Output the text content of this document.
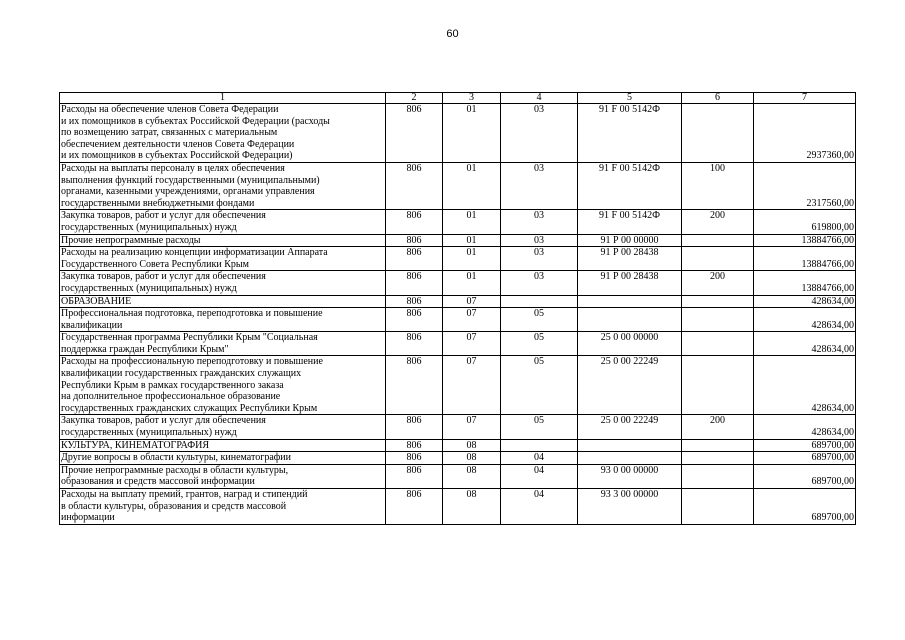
60
1	2	3	4	5	6	7
Расходы на обеспечение членов Совета Федерации
и их помощников в субъектах Российской Федерации (расходы
по возмещению затрат, связанных с материальным
обеспечением деятельности членов Совета Федерации
и их помощников в субъектах Российской Федерации)	806	01	03	91 F 00 5142Ф		2937360,00
Расходы на выплаты персоналу в целях обеспечения
выполнения функций государственными (муниципальными)
органами, казенными учреждениями, органами управления
государственными внебюджетными фондами	806	01	03	91 F 00 5142Ф	100	2317560,00
Закупка товаров, работ и услуг для обеспечения
государственных (муниципальных) нужд	806	01	03	91 F 00 5142Ф	200	619800,00
Прочие непрограммные расходы	806	01	03	91 Р 00 00000		13884766,00
Расходы на реализацию концепции информатизации Аппарата
Государственного Совета Республики Крым	806	01	03	91 Р 00 28438		13884766,00
Закупка товаров, работ и услуг для обеспечения
государственных (муниципальных) нужд	806	01	03	91 Р 00 28438	200	13884766,00
ОБРАЗОВАНИЕ	806	07				428634,00
Профессиональная подготовка, переподготовка и повышение
квалификации	806	07	05			428634,00
Государственная программа Республики Крым "Социальная
поддержка граждан Республики Крым"	806	07	05	25 0 00 00000		428634,00
Расходы на профессиональную переподготовку и повышение
квалификации государственных гражданских служащих
Республики Крым в рамках государственного заказа
на дополнительное профессиональное образование
государственных гражданских служащих Республики Крым	806	07	05	25 0 00 22249		428634,00
Закупка товаров, работ и услуг для обеспечения
государственных (муниципальных) нужд	806	07	05	25 0 00 22249	200	428634,00
КУЛЬТУРА, КИНЕМАТОГРАФИЯ	806	08				689700,00
Другие вопросы в области культуры, кинематографии	806	08	04			689700,00
Прочие непрограммные расходы в области культуры,
образования и средств массовой информации	806	08	04	93 0 00 00000		689700,00
Расходы на выплату премий, грантов, наград и стипендий
в области культуры, образования и средств массовой
информации	806	08	04	93 3 00 00000		689700,00
